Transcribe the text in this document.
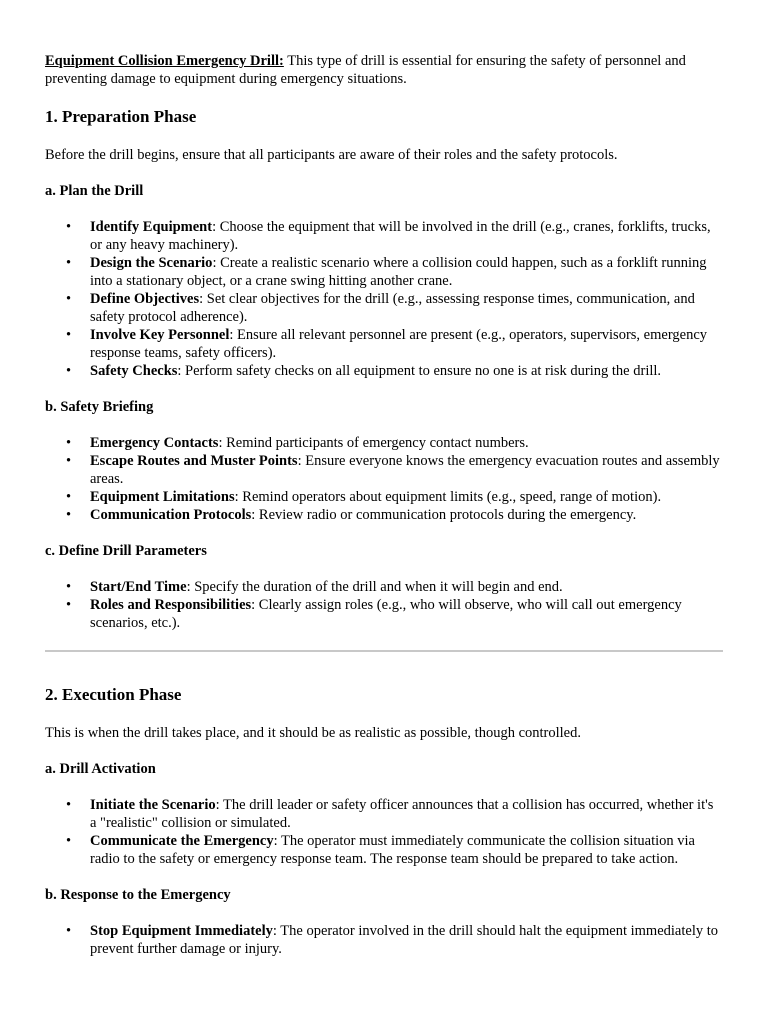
Equipment Collision Emergency Drill: This type of drill is essential for ensuring the safety of personnel and preventing damage to equipment during emergency situations.

1. Preparation Phase

Before the drill begins, ensure that all participants are aware of their roles and the safety protocols.

a. Plan the Drill
• Identify Equipment: Choose the equipment that will be involved in the drill (e.g., cranes, forklifts, trucks, or any heavy machinery).
• Design the Scenario: Create a realistic scenario where a collision could happen, such as a forklift running into a stationary object, or a crane swing hitting another crane.
• Define Objectives: Set clear objectives for the drill (e.g., assessing response times, communication, and safety protocol adherence).
• Involve Key Personnel: Ensure all relevant personnel are present (e.g., operators, supervisors, emergency response teams, safety officers).
• Safety Checks: Perform safety checks on all equipment to ensure no one is at risk during the drill.
b. Safety Briefing
• Emergency Contacts: Remind participants of emergency contact numbers.
• Escape Routes and Muster Points: Ensure everyone knows the emergency evacuation routes and assembly areas.
• Equipment Limitations: Remind operators about equipment limits (e.g., speed, range of motion).
• Communication Protocols: Review radio or communication protocols during the emergency.
c. Define Drill Parameters
• Start/End Time: Specify the duration of the drill and when it will begin and end.
• Roles and Responsibilities: Clearly assign roles (e.g., who will observe, who will call out emergency scenarios, etc.).
2. Execution Phase

This is when the drill takes place, and it should be as realistic as possible, though controlled.

a. Drill Activation
• Initiate the Scenario: The drill leader or safety officer announces that a collision has occurred, whether it's a "realistic" collision or simulated.
• Communicate the Emergency: The operator must immediately communicate the collision situation via radio to the safety or emergency response team. The response team should be prepared to take action.
b. Response to the Emergency
• Stop Equipment Immediately: The operator involved in the drill should halt the equipment immediately to prevent further damage or injury.
